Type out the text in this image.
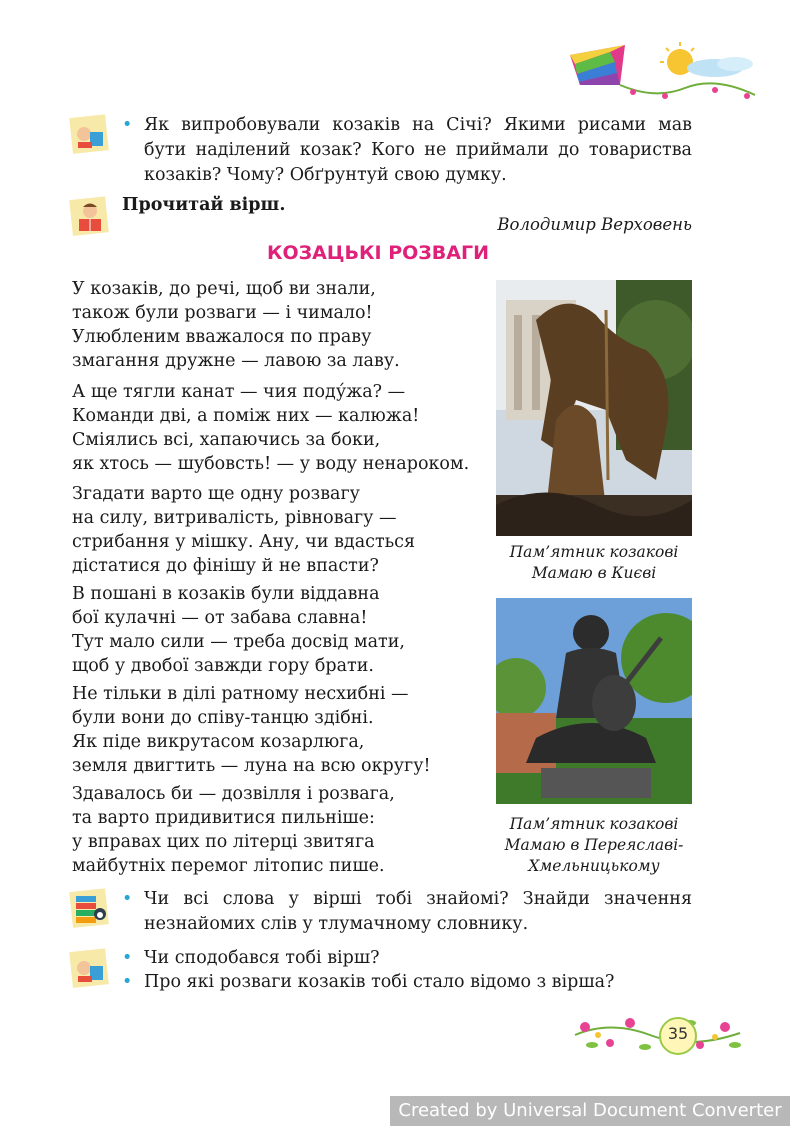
• Як випробовували козаків на Січі? Якими рисами мав бути наділений козак? Кого не приймали до товариства козаків? Чому? Обґрунтуй свою думку.
Прочитай вірш.
Володимир Верховень
КОЗАЦЬКІ РОЗВАГИ
У козаків, до речі, щоб ви знали,
також були розваги — і чимало!
Улюбленим вважалося по праву
змагання дружне — лавою за лаву.
А ще тягли канат — чия поду́жа? —
Команди дві, а поміж них — калюжа!
Сміялись всі, хапаючись за боки,
як хтось — шубовсть! — у воду ненароком.
Згадати варто ще одну розвагу
на силу, витривалість, рівновагу —
стрибання у мішку. Ану, чи вдасться
дістатися до фінішу й не впасти?
В пошані в козаків були віддавна
бої кулачні — от забава славна!
Тут мало сили — треба досвід мати,
щоб у двобої завжди гору брати.
Не тільки в ділі ратному несхибні —
були вони до співу-танцю здібні.
Як піде викрутасом козарлюга,
земля двигтить — луна на всю округу!
Здавалось би — дозвілля і розвага,
та варто придивитися пильніше:
у вправах цих по літерці звитяга
майбутніх перемог літопис пише.
Пам’ятник козакові
Мамаю в Києві
Пам’ятник козакові
Мамаю в Переяславі-
Хмельницькому
• Чи всі слова у вірші тобі знайомі? Знайди значення незнайомих слів у тлумачному словнику.
• Чи сподобався тобі вірш?
• Про які розваги козаків тобі стало відомо з вірша?
35
Created by Universal Document Converter
